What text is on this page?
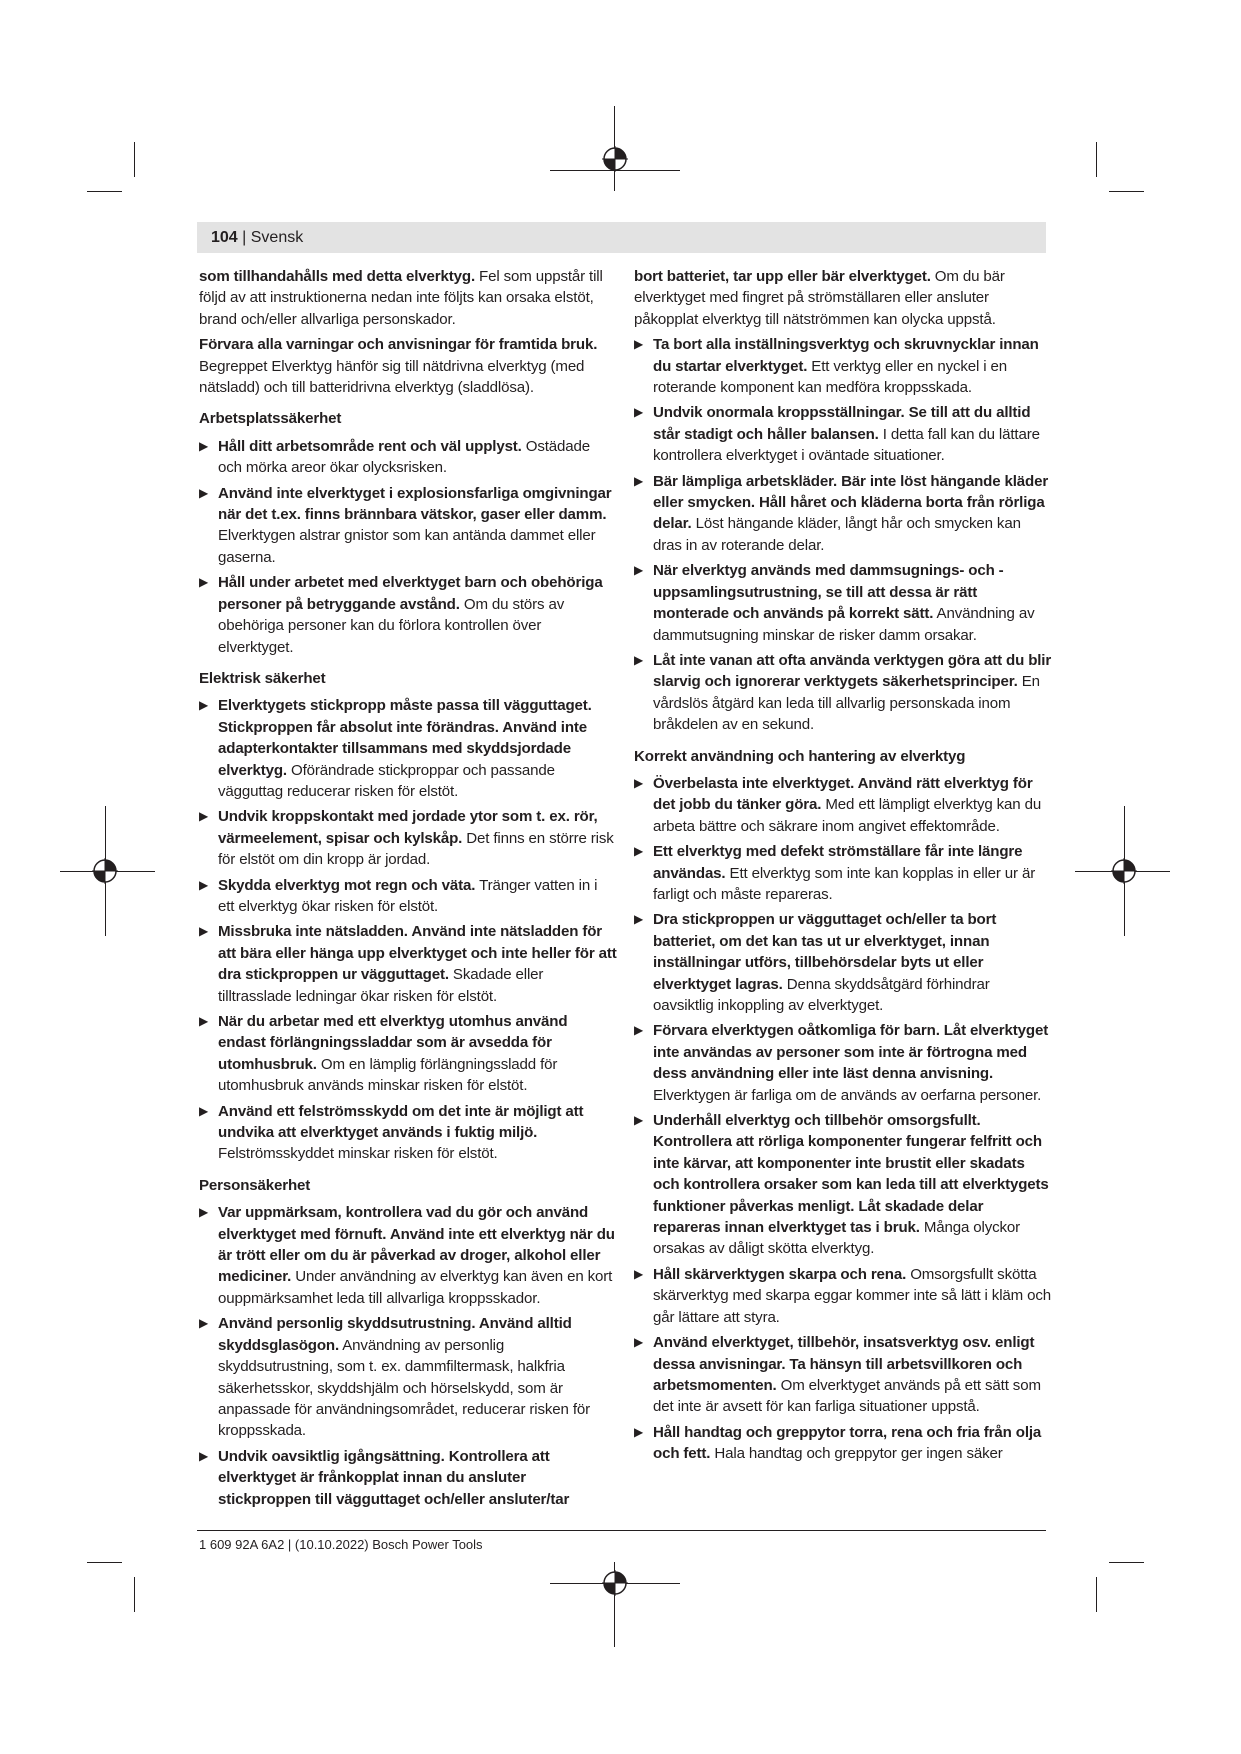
104 | Svensk

som tillhandahålls med detta elverktyg. Fel som uppstår till följd av att instruktionerna nedan inte följts kan orsaka elstöt, brand och/eller allvarliga personskador.

Förvara alla varningar och anvisningar för framtida bruk. Begreppet Elverktyg hänför sig till nätdrivna elverktyg (med nätsladd) och till batteridrivna elverktyg (sladdlösa).

Arbetsplatssäkerhet

▶ Håll ditt arbetsområde rent och väl upplyst. Ostädade och mörka areor ökar olycksrisken.

▶ Använd inte elverktyget i explosionsfarliga omgivningar när det t.ex. finns brännbara vätskor, gaser eller damm. Elverktygen alstrar gnistor som kan antända dammet eller gaserna.

▶ Håll under arbetet med elverktyget barn och obehöriga personer på betryggande avstånd. Om du störs av obehöriga personer kan du förlora kontrollen över elverktyget.

Elektrisk säkerhet

▶ Elverktygets stickpropp måste passa till vägguttaget. Stickproppen får absolut inte förändras. Använd inte adapterkontakter tillsammans med skyddsjordade elverktyg. Oförändrade stickproppar och passande vägguttag reducerar risken för elstöt.

▶ Undvik kroppskontakt med jordade ytor som t. ex. rör, värmeelement, spisar och kylskåp. Det finns en större risk för elstöt om din kropp är jordad.

▶ Skydda elverktyg mot regn och väta. Tränger vatten in i ett elverktyg ökar risken för elstöt.

▶ Missbruka inte nätsladden. Använd inte nätsladden för att bära eller hänga upp elverktyget och inte heller för att dra stickproppen ur vägguttaget. Skadade eller tilltrasslade ledningar ökar risken för elstöt.

▶ När du arbetar med ett elverktyg utomhus använd endast förlängningssladdar som är avsedda för utomhusbruk. Om en lämplig förlängningssladd för utomhusbruk används minskar risken för elstöt.

▶ Använd ett felströmsskydd om det inte är möjligt att undvika att elverktyget används i fuktig miljö. Felströmsskyddet minskar risken för elstöt.

Personsäkerhet

▶ Var uppmärksam, kontrollera vad du gör och använd elverktyget med förnuft. Använd inte ett elverktyg när du är trött eller om du är påverkad av droger, alkohol eller mediciner. Under användning av elverktyg kan även en kort ouppmärksamhet leda till allvarliga kroppsskador.

▶ Använd personlig skyddsutrustning. Använd alltid skyddsglasögon. Användning av personlig skyddsutrustning, som t. ex. dammfiltermask, halkfria säkerhetsskor, skyddshjälm och hörselskydd, som är anpassade för användningsområdet, reducerar risken för kroppsskada.

▶ Undvik oavsiktlig igångsättning. Kontrollera att elverktyget är frånkopplat innan du ansluter stickproppen till vägguttaget och/eller ansluter/tar

bort batteriet, tar upp eller bär elverktyget. Om du bär elverktyget med fingret på strömställaren eller ansluter påkopplat elverktyg till nätströmmen kan olycka uppstå.

▶ Ta bort alla inställningsverktyg och skruvnycklar innan du startar elverktyget. Ett verktyg eller en nyckel i en roterande komponent kan medföra kroppsskada.

▶ Undvik onormala kroppsställningar. Se till att du alltid står stadigt och håller balansen. I detta fall kan du lättare kontrollera elverktyget i oväntade situationer.

▶ Bär lämpliga arbetskläder. Bär inte löst hängande kläder eller smycken. Håll håret och kläderna borta från rörliga delar. Löst hängande kläder, långt hår och smycken kan dras in av roterande delar.

▶ När elverktyg används med dammsugnings- och -uppsamlingsutrustning, se till att dessa är rätt monterade och används på korrekt sätt. Användning av dammutsugning minskar de risker damm orsakar.

▶ Låt inte vanan att ofta använda verktygen göra att du blir slarvig och ignorerar verktygets säkerhetsprinciper. En vårdslös åtgärd kan leda till allvarlig personskada inom bråkdelen av en sekund.

Korrekt användning och hantering av elverktyg

▶ Överbelasta inte elverktyget. Använd rätt elverktyg för det jobb du tänker göra. Med ett lämpligt elverktyg kan du arbeta bättre och säkrare inom angivet effektområde.

▶ Ett elverktyg med defekt strömställare får inte längre användas. Ett elverktyg som inte kan kopplas in eller ur är farligt och måste repareras.

▶ Dra stickproppen ur vägguttaget och/eller ta bort batteriet, om det kan tas ut ur elverktyget, innan inställningar utförs, tillbehörsdelar byts ut eller elverktyget lagras. Denna skyddsåtgärd förhindrar oavsiktlig inkoppling av elverktyget.

▶ Förvara elverktygen oåtkomliga för barn. Låt elverktyget inte användas av personer som inte är förtrogna med dess användning eller inte läst denna anvisning. Elverktygen är farliga om de används av oerfarna personer.

▶ Underhåll elverktyg och tillbehör omsorgsfullt. Kontrollera att rörliga komponenter fungerar felfritt och inte kärvar, att komponenter inte brustit eller skadats och kontrollera orsaker som kan leda till att elverktygets funktioner påverkas menligt. Låt skadade delar repareras innan elverktyget tas i bruk. Många olyckor orsakas av dåligt skötta elverktyg.

▶ Håll skärverktygen skarpa och rena. Omsorgsfullt skötta skärverktyg med skarpa eggar kommer inte så lätt i kläm och går lättare att styra.

▶ Använd elverktyget, tillbehör, insatsverktyg osv. enligt dessa anvisningar. Ta hänsyn till arbetsvillkoren och arbetsmomenten. Om elverktyget används på ett sätt som det inte är avsett för kan farliga situationer uppstå.

▶ Håll handtag och greppytor torra, rena och fria från olja och fett. Hala handtag och greppytor ger ingen säker

1 609 92A 6A2 | (10.10.2022) Bosch Power Tools
